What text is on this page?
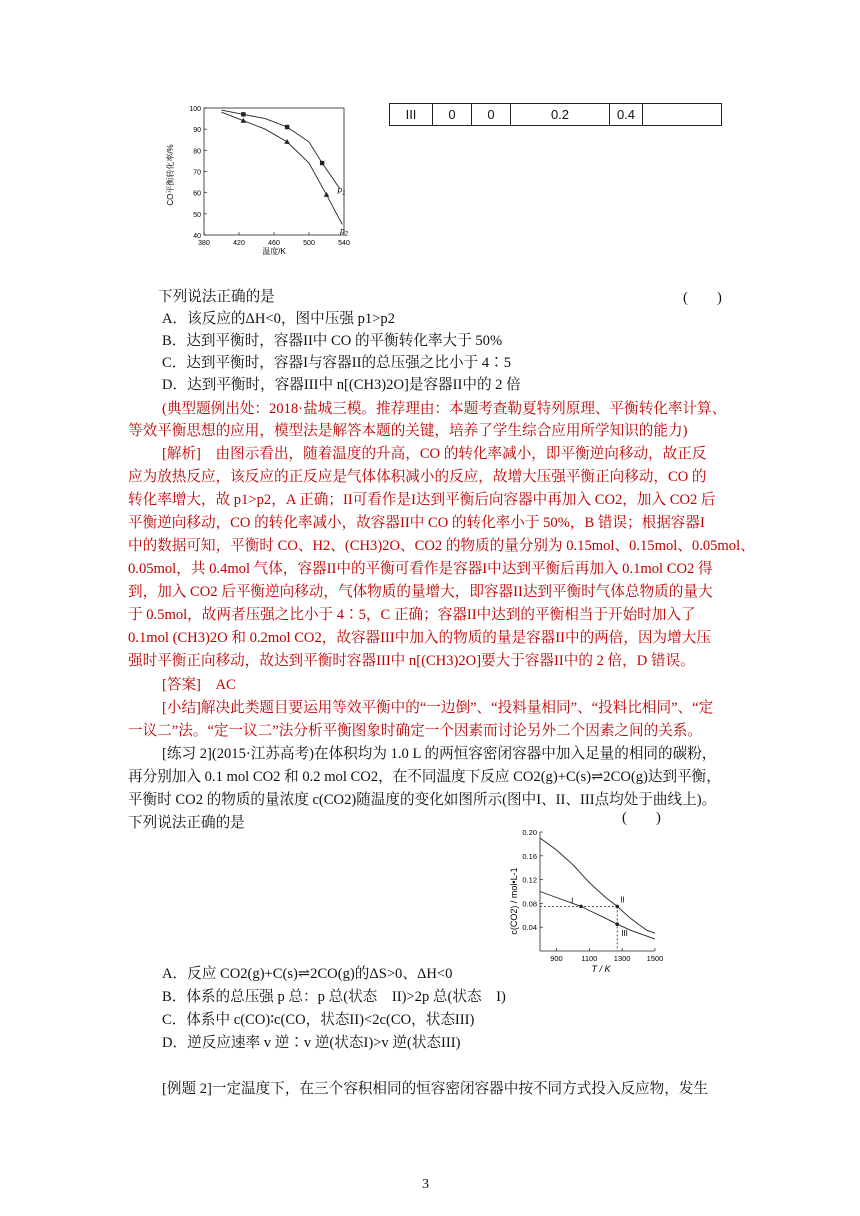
III	0	0	0.2	0.4	
100
90
80
70
60
50
40
380	420	460	500	540
$p_1$
$p_2$
CO平衡转化率/%
温度/K
0.20
0.16
0.12
0.08
0.04
900 1100 1300 1500
I	II
III
c(CO2) / mol•L-1
T / K
下列说法正确的是	(　　)
A．该反应的ΔH<0，图中压强 p1>p2
B．达到平衡时，容器II中 CO 的平衡转化率大于 50%
C．达到平衡时，容器I与容器II的总压强之比小于 4∶5
D．达到平衡时，容器III中 n[(CH3)2O]是容器II中的 2 倍
(典型题例出处：2018·盐城三模。推荐理由：本题考查勒夏特列原理、平衡转化率计算、
等效平衡思想的应用，模型法是解答本题的关键，培养了学生综合应用所学知识的能力)
[解析]　由图示看出，随着温度的升高，CO 的转化率减小，即平衡逆向移动，故正反
应为放热反应，该反应的正反应是气体体积减小的反应，故增大压强平衡正向移动，CO 的
转化率增大，故 p1>p2，A 正确；II可看作是I达到平衡后向容器中再加入 CO2，加入 CO2 后
平衡逆向移动，CO 的转化率减小，故容器II中 CO 的转化率小于 50%，B 错误；根据容器I
中的数据可知，平衡时 CO、H2、(CH3)2O、CO2 的物质的量分别为 0.15mol、0.15mol、0.05mol、
0.05mol，共 0.4mol 气体，容器II中的平衡可看作是容器I中达到平衡后再加入 0.1mol CO2 得
到，加入 CO2 后平衡逆向移动，气体物质的量增大，即容器II达到平衡时气体总物质的量大
于 0.5mol，故两者压强之比小于 4∶5，C 正确；容器II中达到的平衡相当于开始时加入了
0.1mol (CH3)2O 和 0.2mol CO2，故容器III中加入的物质的量是容器II中的两倍，因为增大压
强时平衡正向移动，故达到平衡时容器III中 n[(CH3)2O]要大于容器II中的 2 倍，D 错误。
[答案]　AC
[小结]解决此类题目要运用等效平衡中的“一边倒”、“投料量相同”、“投料比相同”、“定
一议二”法。“定一议二”法分析平衡图象时确定一个因素而讨论另外二个因素之间的关系。
[练习 2](2015·江苏高考)在体积均为 1.0 L 的两恒容密闭容器中加入足量的相同的碳粉，
再分别加入 0.1 mol CO2 和 0.2 mol CO2，在不同温度下反应 CO2(g)+C(s)⇌2CO(g)达到平衡，
平衡时 CO2 的物质的量浓度 c(CO2)随温度的变化如图所示(图中I、II、III点均处于曲线上)。
下列说法正确的是	(　　)
A．反应 CO2(g)+C(s)⇌2CO(g)的ΔS>0、ΔH<0
B．体系的总压强 p 总：p 总(状态　II)>2p 总(状态　I)
C．体系中 c(CO)∶c(CO，状态II)<2c(CO，状态III)
D．逆反应速率 v 逆∶v 逆(状态I)>v 逆(状态III)
[例题 2]一定温度下，在三个容积相同的恒容密闭容器中按不同方式投入反应物，发生
3
